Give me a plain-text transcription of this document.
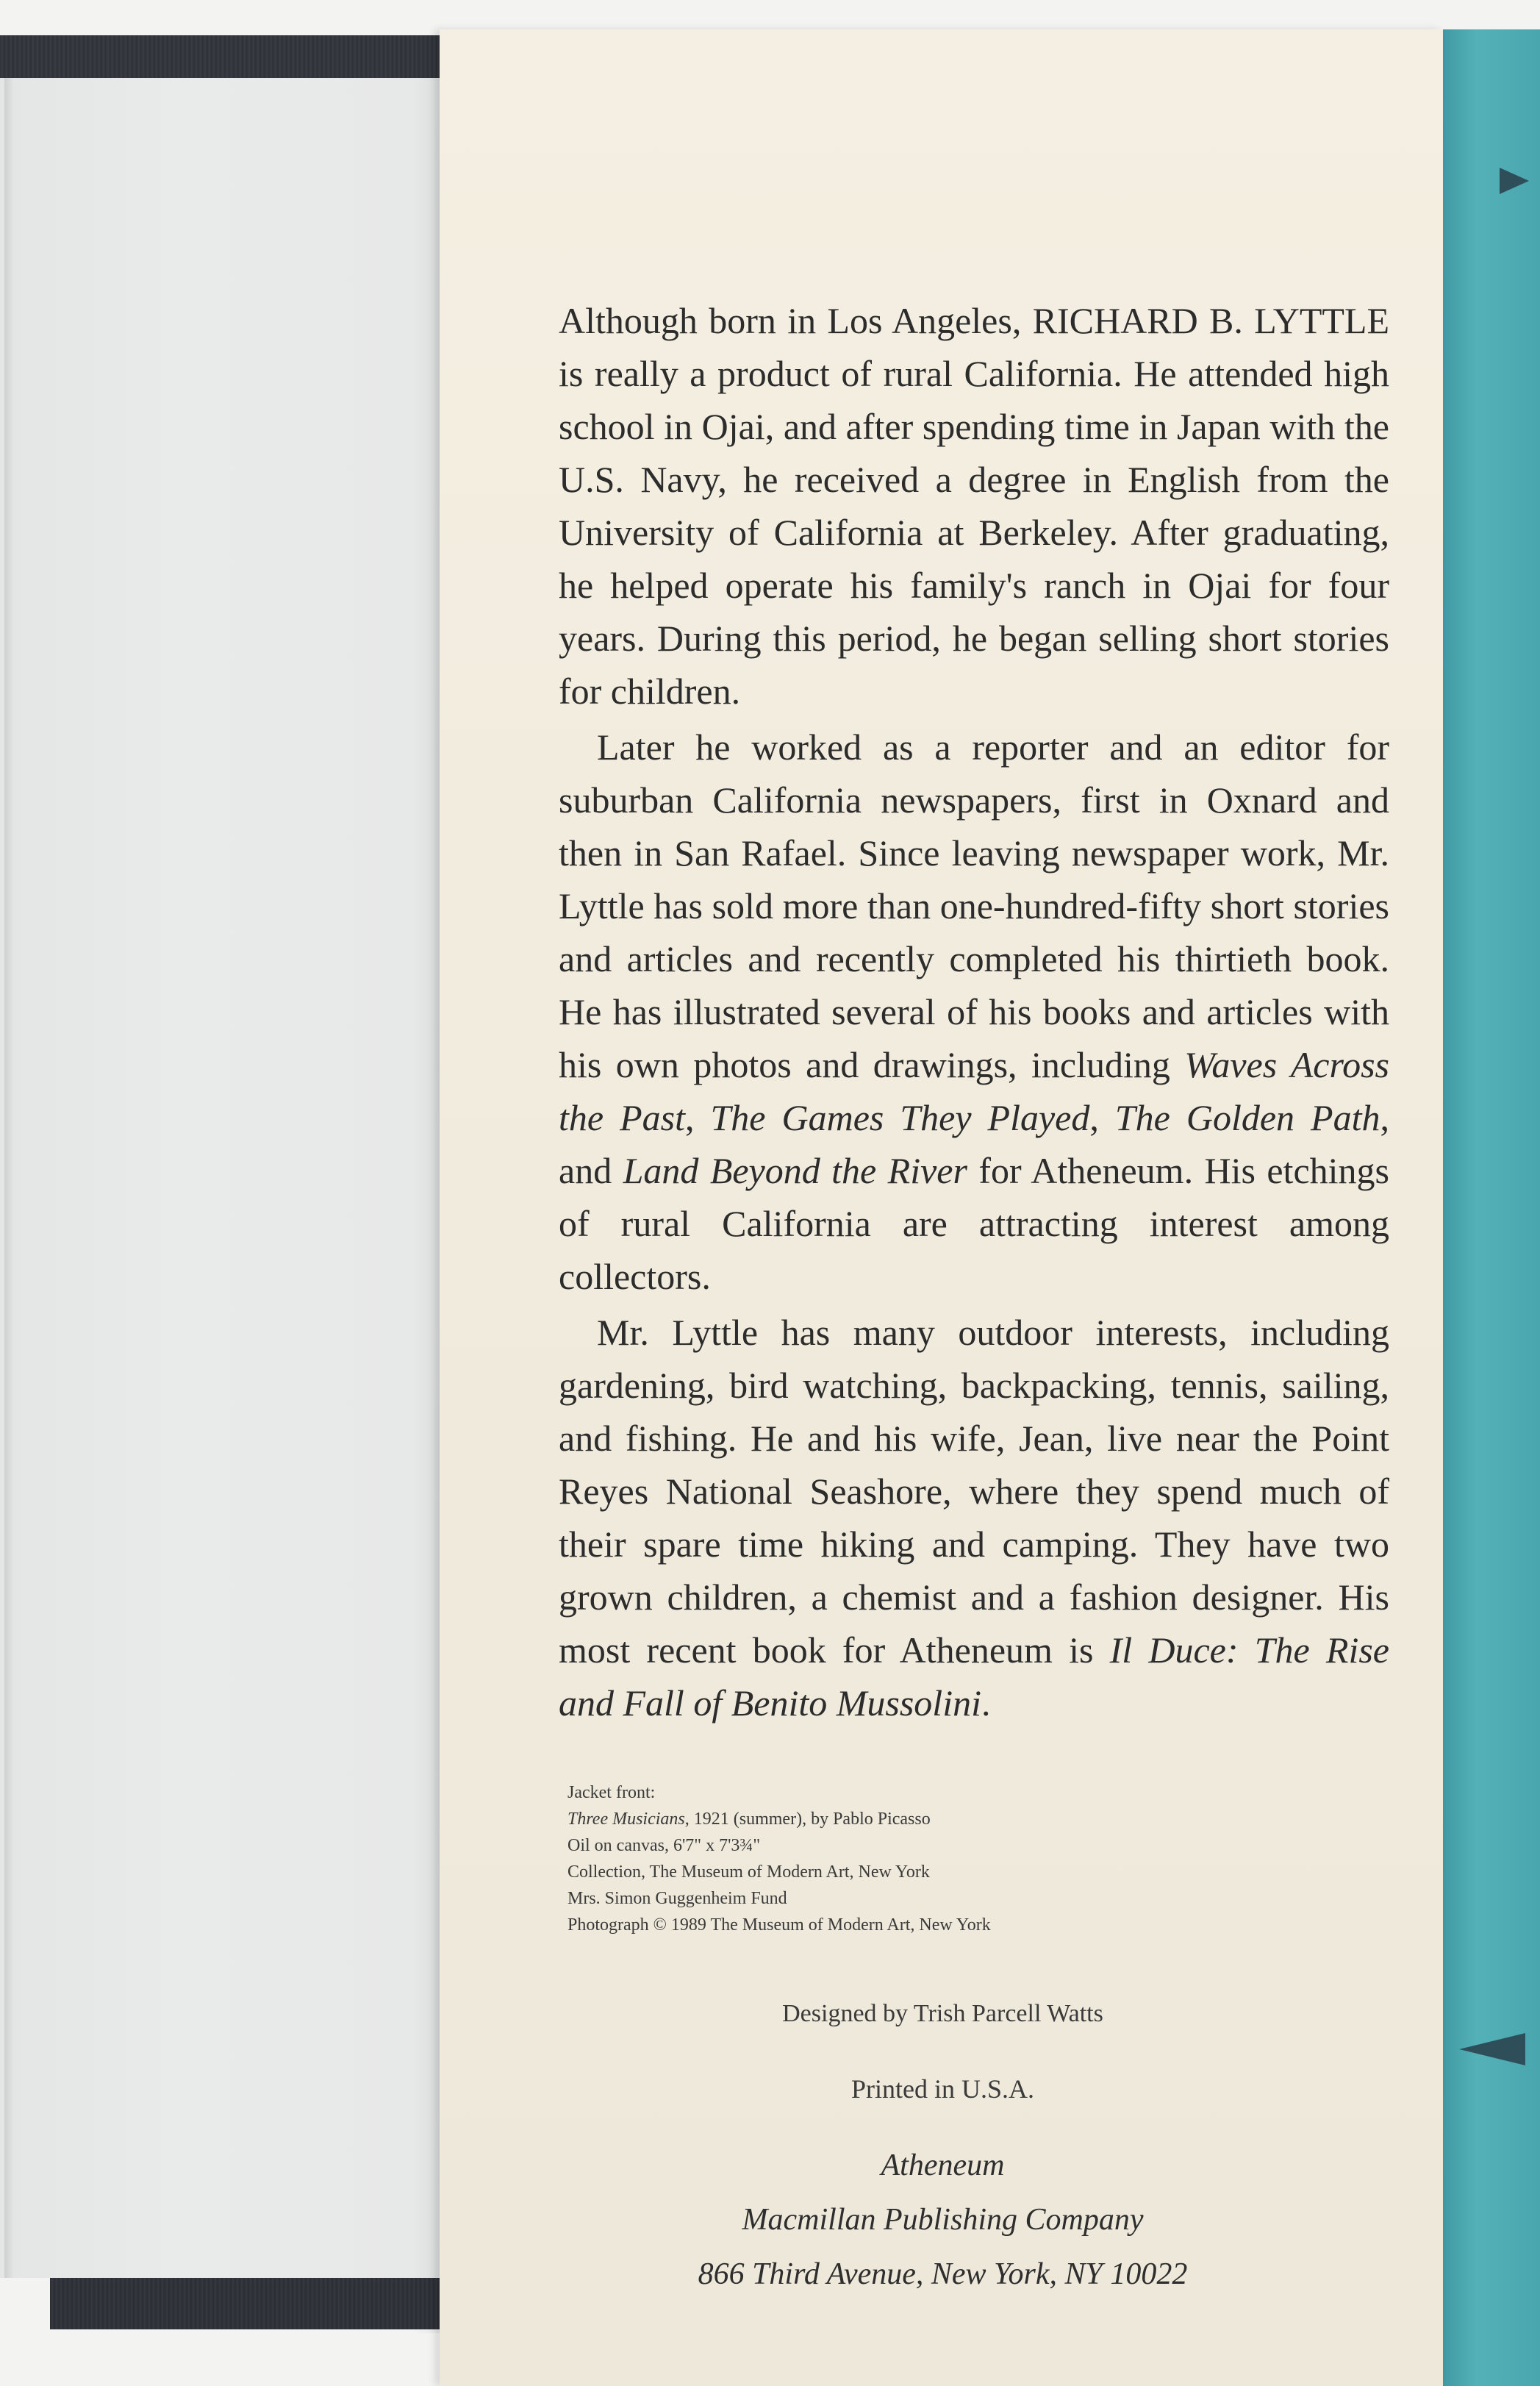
Although born in Los Angeles, RICHARD B. LYTTLE is really a product of rural California. He attended high school in Ojai, and after spending time in Japan with the U.S. Navy, he received a degree in English from the University of California at Berkeley. After graduating, he helped operate his family's ranch in Ojai for four years. During this period, he began selling short stories for children.

Later he worked as a reporter and an editor for suburban California newspapers, first in Oxnard and then in San Rafael. Since leaving newspaper work, Mr. Lyttle has sold more than one-hundred-fifty short stories and articles and recently completed his thirtieth book. He has illustrated several of his books and articles with his own photos and drawings, including Waves Across the Past, The Games They Played, The Golden Path, and Land Beyond the River for Atheneum. His etchings of rural California are attracting interest among collectors.

Mr. Lyttle has many outdoor interests, including gardening, bird watching, backpacking, tennis, sailing, and fishing. He and his wife, Jean, live near the Point Reyes National Seashore, where they spend much of their spare time hiking and camping. They have two grown children, a chemist and a fashion designer. His most recent book for Atheneum is Il Duce: The Rise and Fall of Benito Mussolini.

Jacket front:
Three Musicians, 1921 (summer), by Pablo Picasso
Oil on canvas, 6'7" x 7'3¾"
Collection, The Museum of Modern Art, New York
Mrs. Simon Guggenheim Fund
Photograph © 1989 The Museum of Modern Art, New York
Designed by Trish Parcell Watts
Printed in U.S.A.
Atheneum
Macmillan Publishing Company
866 Third Avenue, New York, NY 10022
